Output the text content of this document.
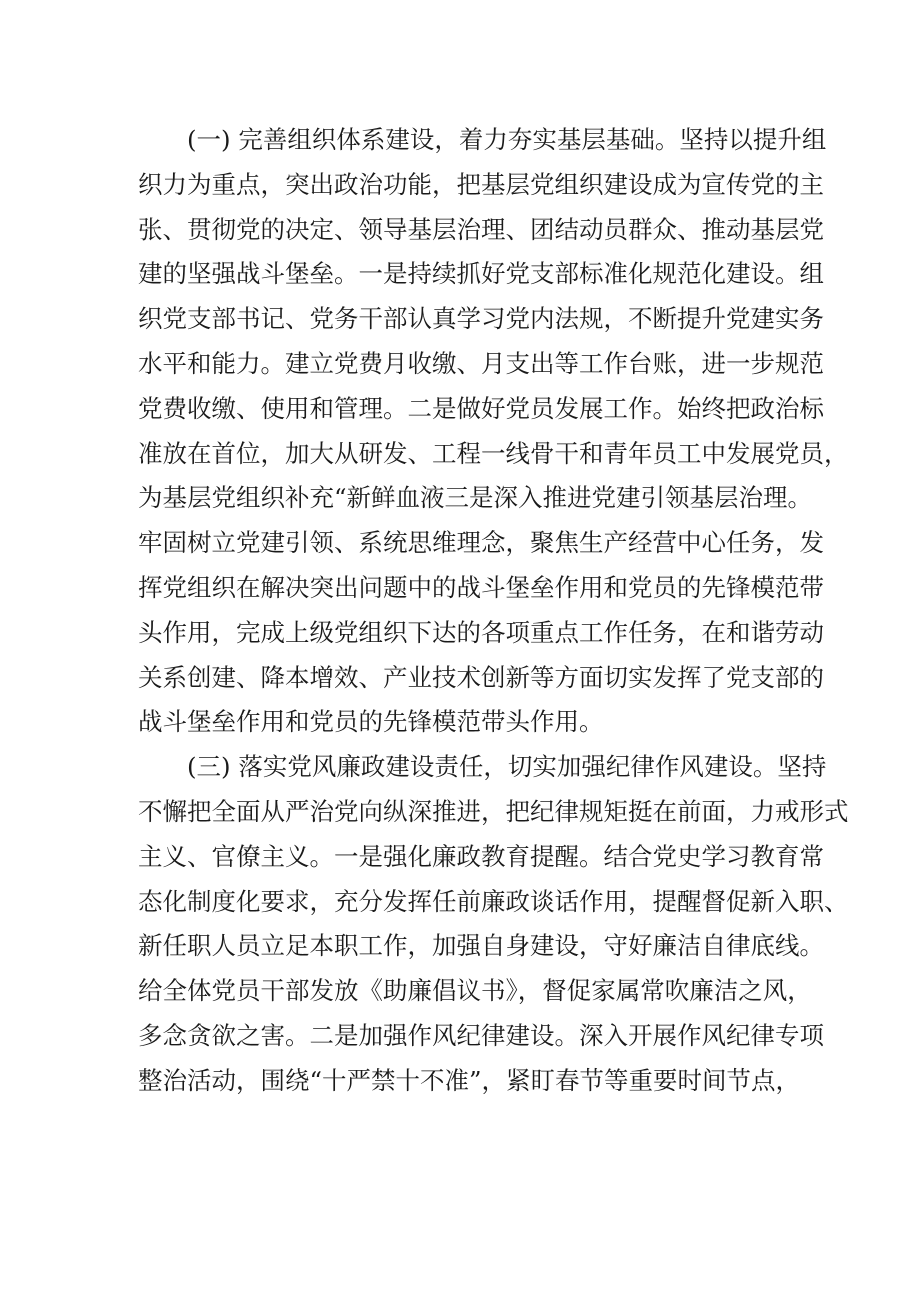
(一) 完善组织体系建设，着力夯实基层基础。坚持以提升组
织力为重点，突出政治功能，把基层党组织建设成为宣传党的主
张、贯彻党的决定、领导基层治理、团结动员群众、推动基层党
建的坚强战斗堡垒。一是持续抓好党支部标准化规范化建设。组
织党支部书记、党务干部认真学习党内法规，不断提升党建实务
水平和能力。建立党费月收缴、月支出等工作台账，进一步规范
党费收缴、使用和管理。二是做好党员发展工作。始终把政治标
准放在首位，加大从研发、工程一线骨干和青年员工中发展党员，
为基层党组织补充“新鲜血液三是深入推进党建引领基层治理。
牢固树立党建引领、系统思维理念，聚焦生产经营中心任务，发
挥党组织在解决突出问题中的战斗堡垒作用和党员的先锋模范带
头作用，完成上级党组织下达的各项重点工作任务，在和谐劳动
关系创建、降本增效、产业技术创新等方面切实发挥了党支部的
战斗堡垒作用和党员的先锋模范带头作用。
(三) 落实党风廉政建设责任，切实加强纪律作风建设。坚持
不懈把全面从严治党向纵深推进，把纪律规矩挺在前面，力戒形式
主义、官僚主义。一是强化廉政教育提醒。结合党史学习教育常
态化制度化要求，充分发挥任前廉政谈话作用，提醒督促新入职、
新任职人员立足本职工作，加强自身建设，守好廉洁自律底线。
给全体党员干部发放《助廉倡议书》，督促家属常吹廉洁之风，
多念贪欲之害。二是加强作风纪律建设。深入开展作风纪律专项
整治活动，围绕“十严禁十不准”，紧盯春节等重要时间节点，
